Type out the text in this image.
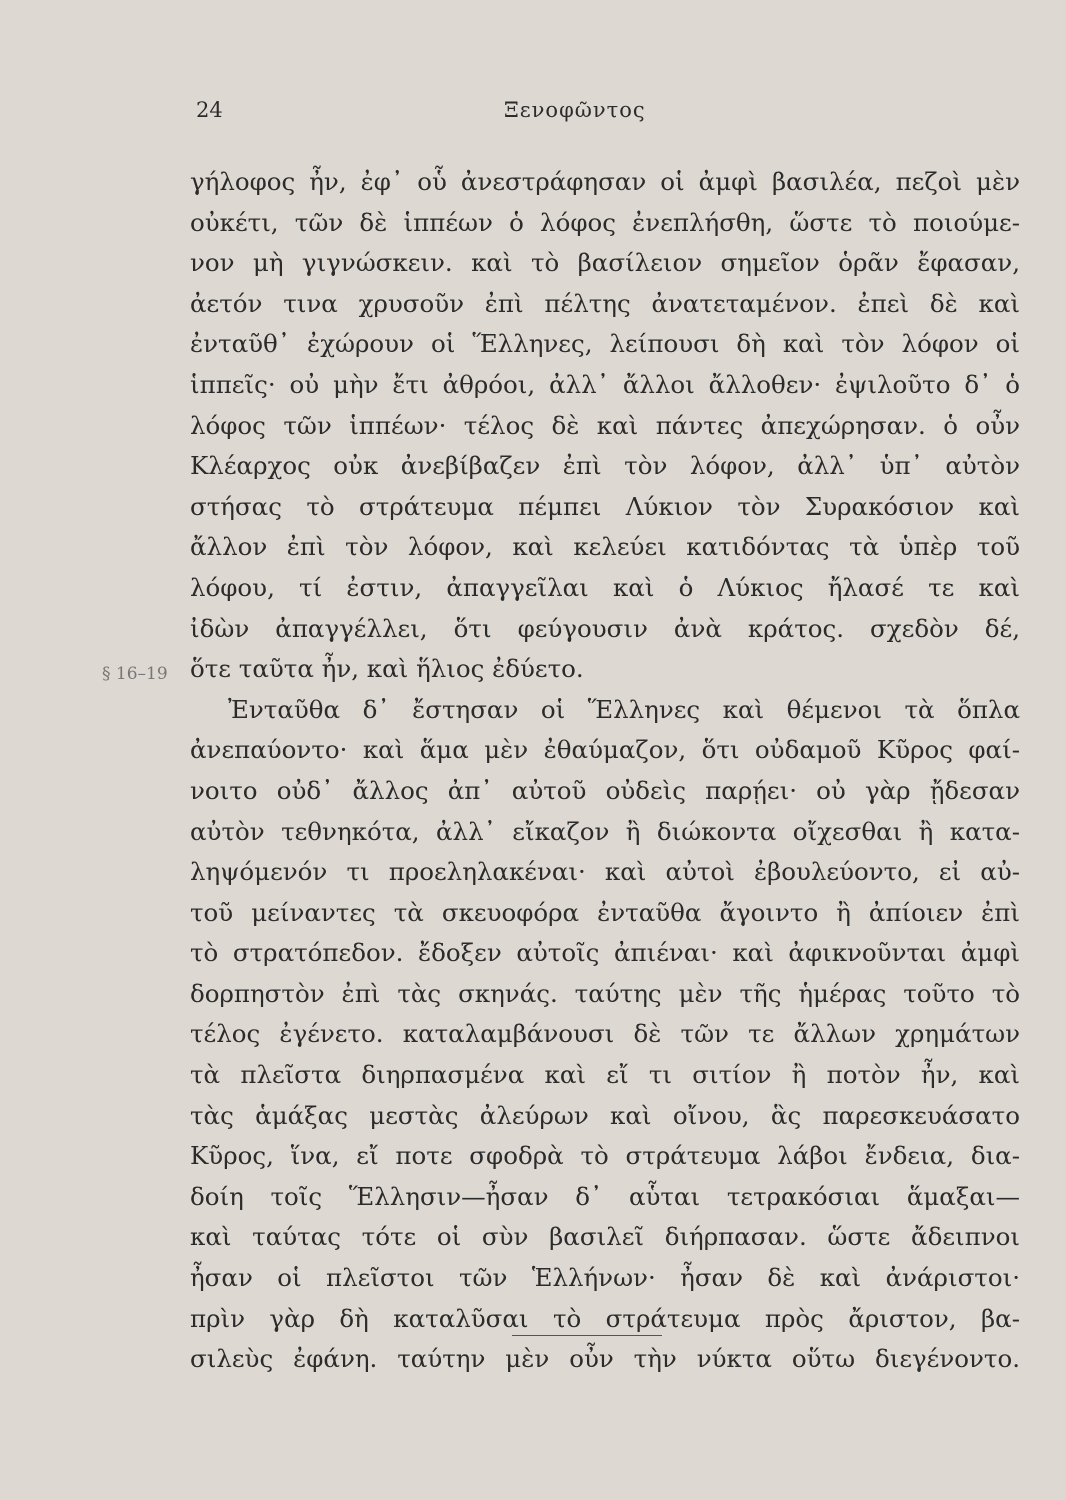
24	Ξενοφῶντος
§ 16–19
γήλοφος ἦν, ἐφ᾽ οὗ ἀνεστράφησαν οἱ ἀμφὶ βασιλέα, πεζοὶ μὲν
οὐκέτι, τῶν δὲ ἱππέων ὁ λόφος ἐνεπλήσθη, ὥστε τὸ ποιούμε-
νον μὴ γιγνώσκειν. καὶ τὸ βασίλειον σημεῖον ὁρᾶν ἔφασαν,
ἀετόν τινα χρυσοῦν ἐπὶ πέλτης ἀνατεταμένον. ἐπεὶ δὲ καὶ
ἐνταῦθ᾽ ἐχώρουν οἱ Ἕλληνες, λείπουσι δὴ καὶ τὸν λόφον οἱ
ἱππεῖς· οὐ μὴν ἔτι ἀθρόοι, ἀλλ᾽ ἄλλοι ἄλλοθεν· ἐψιλοῦτο δ᾽ ὁ
λόφος τῶν ἱππέων· τέλος δὲ καὶ πάντες ἀπεχώρησαν. ὁ οὖν
Κλέαρχος οὐκ ἀνεβίβαζεν ἐπὶ τὸν λόφον, ἀλλ᾽ ὑπ᾽ αὐτὸν
στήσας τὸ στράτευμα πέμπει Λύκιον τὸν Συρακόσιον καὶ
ἄλλον ἐπὶ τὸν λόφον, καὶ κελεύει κατιδόντας τὰ ὑπὲρ τοῦ
λόφου, τί ἐστιν, ἀπαγγεῖλαι καὶ ὁ Λύκιος ἤλασέ τε καὶ
ἰδὼν ἀπαγγέλλει, ὅτι φεύγουσιν ἀνὰ κράτος. σχεδὸν δέ,
ὅτε ταῦτα ἦν, καὶ ἥλιος ἐδύετο.
Ἐνταῦθα δ᾽ ἔστησαν οἱ Ἕλληνες καὶ θέμενοι τὰ ὅπλα
ἀνεπαύοντο· καὶ ἅμα μὲν ἐθαύμαζον, ὅτι οὐδαμοῦ Κῦρος φαί-
νοιτο οὐδ᾽ ἄλλος ἀπ᾽ αὐτοῦ οὐδεὶς παρῄει· οὐ γὰρ ᾔδεσαν
αὐτὸν τεθνηκότα, ἀλλ᾽ εἴκαζον ἢ διώκοντα οἴχεσθαι ἢ κατα-
ληψόμενόν τι προεληλακέναι· καὶ αὐτοὶ ἐβουλεύοντο, εἰ αὐ-
τοῦ μείναντες τὰ σκευοφόρα ἐνταῦθα ἄγοιντο ἢ ἀπίοιεν ἐπὶ
τὸ στρατόπεδον. ἔδοξεν αὐτοῖς ἀπιέναι· καὶ ἀφικνοῦνται ἀμφὶ
δορπηστὸν ἐπὶ τὰς σκηνάς. ταύτης μὲν τῆς ἡμέρας τοῦτο τὸ
τέλος ἐγένετο. καταλαμβάνουσι δὲ τῶν τε ἄλλων χρημάτων
τὰ πλεῖστα διηρπασμένα καὶ εἴ τι σιτίον ἢ ποτὸν ἦν, καὶ
τὰς ἁμάξας μεστὰς ἀλεύρων καὶ οἴνου, ἃς παρεσκευάσατο
Κῦρος, ἵνα, εἴ ποτε σφοδρὰ τὸ στράτευμα λάβοι ἔνδεια, δια-
δοίη τοῖς Ἕλλησιν—ἦσαν δ᾽ αὗται τετρακόσιαι ἅμαξαι—
καὶ ταύτας τότε οἱ σὺν βασιλεῖ διήρπασαν. ὥστε ἄδειπνοι
ἦσαν οἱ πλεῖστοι τῶν Ἑλλήνων· ἦσαν δὲ καὶ ἀνάριστοι·
πρὶν γὰρ δὴ καταλῦσαι τὸ στράτευμα πρὸς ἄριστον, βα-
σιλεὺς ἐφάνη. ταύτην μὲν οὖν τὴν νύκτα οὕτω διεγένοντο.
